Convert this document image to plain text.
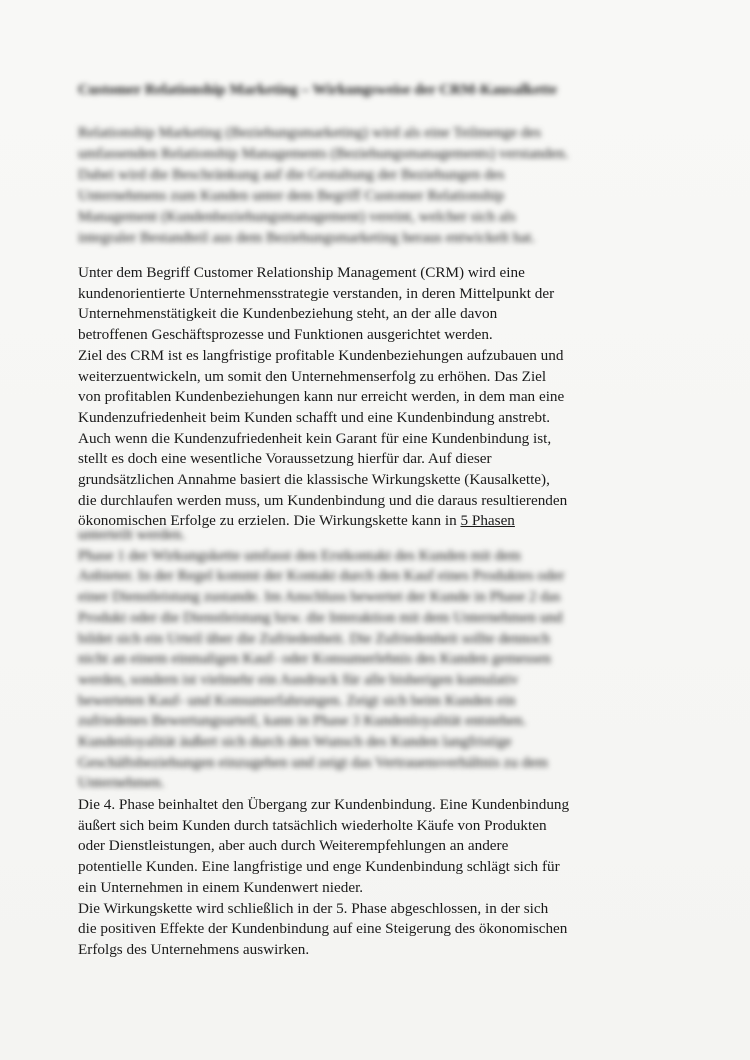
Customer Relationship Marketing – Wirkungsweise der CRM-Kausalkette
Relationship Marketing (Beziehungsmarketing) wird als eine Teilmenge des
umfassenden Relationship Managements (Beziehungsmanagements) verstanden.
Dabei wird die Beschränkung auf die Gestaltung der Beziehungen des
Unternehmens zum Kunden unter dem Begriff Customer Relationship
Management (Kundenbeziehungsmanagement) vereint, welcher sich als
integraler Bestandteil aus dem Beziehungsmarketing heraus entwickelt hat.
Unter dem Begriff Customer Relationship Management (CRM) wird eine
kundenorientierte Unternehmensstrategie verstanden, in deren Mittelpunkt der
Unternehmenstätigkeit die Kundenbeziehung steht, an der alle davon
betroffenen Geschäftsprozesse und Funktionen ausgerichtet werden.
Ziel des CRM ist es langfristige profitable Kundenbeziehungen aufzubauen und
weiterzuentwickeln, um somit den Unternehmenserfolg zu erhöhen. Das Ziel
von profitablen Kundenbeziehungen kann nur erreicht werden, in dem man eine
Kundenzufriedenheit beim Kunden schafft und eine Kundenbindung anstrebt.
Auch wenn die Kundenzufriedenheit kein Garant für eine Kundenbindung ist,
stellt es doch eine wesentliche Voraussetzung hierfür dar. Auf dieser
grundsätzlichen Annahme basiert die klassische Wirkungskette (Kausalkette),
die durchlaufen werden muss, um Kundenbindung und die daraus resultierenden
ökonomischen Erfolge zu erzielen. Die Wirkungskette kann in 5 Phasen
unterteilt werden.
Phase 1 der Wirkungskette umfasst den Erstkontakt des Kunden mit dem
Anbieter. In der Regel kommt der Kontakt durch den Kauf eines Produktes oder
einer Dienstleistung zustande. Im Anschluss bewertet der Kunde in Phase 2 das
Produkt oder die Dienstleistung bzw. die Interaktion mit dem Unternehmen und
bildet sich ein Urteil über die Zufriedenheit. Die Zufriedenheit sollte dennoch
nicht an einem einmaligen Kauf- oder Konsumerlebnis des Kunden gemessen
werden, sondern ist vielmehr ein Ausdruck für alle bisherigen kumulativ
bewerteten Kauf- und Konsumerfahrungen. Zeigt sich beim Kunden ein
zufriedenes Bewertungsurteil, kann in Phase 3 Kundenloyalität entstehen.
Kundenloyalität äußert sich durch den Wunsch des Kunden langfristige
Geschäftsbeziehungen einzugehen und zeigt das Vertrauensverhältnis zu dem
Unternehmen.
Die 4. Phase beinhaltet den Übergang zur Kundenbindung. Eine Kundenbindung
äußert sich beim Kunden durch tatsächlich wiederholte Käufe von Produkten
oder Dienstleistungen, aber auch durch Weiterempfehlungen an andere
potentielle Kunden. Eine langfristige und enge Kundenbindung schlägt sich für
ein Unternehmen in einem Kundenwert nieder.
Die Wirkungskette wird schließlich in der 5. Phase abgeschlossen, in der sich
die positiven Effekte der Kundenbindung auf eine Steigerung des ökonomischen
Erfolgs des Unternehmens auswirken.
